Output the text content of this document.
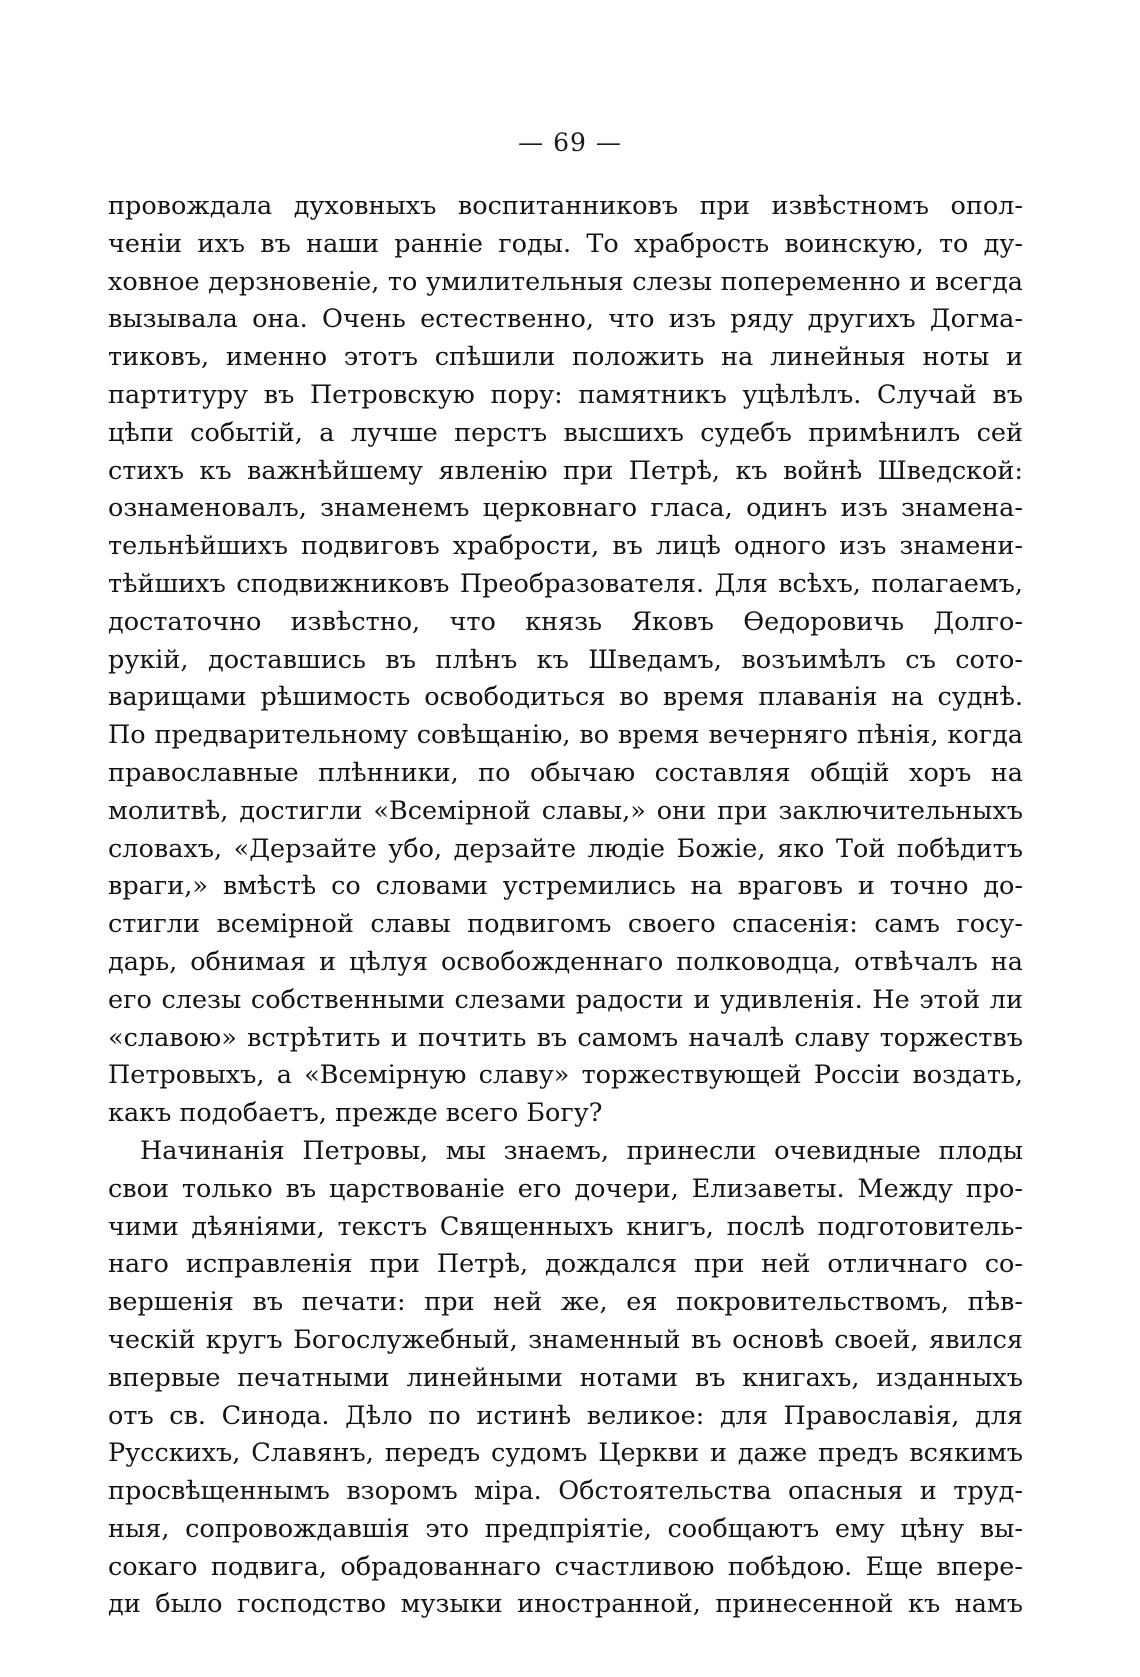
— 69 —
провождала духовныхъ воспитанниковъ при извѣстномъ опол-
ченіи ихъ въ наши ранніе годы. То храбрость воинскую, то ду-
ховное дерзновеніе, то умилительныя слезы попеременно и всегда
вызывала она. Очень естественно, что изъ ряду другихъ Догма-
тиковъ, именно этотъ спѣшили положить на линейныя ноты и
партитуру въ Петровскую пору: памятникъ уцѣлѣлъ. Случай въ
цѣпи событій, а лучше перстъ высшихъ судебъ примѣнилъ сей
стихъ къ важнѣйшему явленію при Петрѣ, къ войнѣ Шведской:
ознаменовалъ, знаменемъ церковнаго гласа, одинъ изъ знамена-
тельнѣйшихъ подвиговъ храбрости, въ лицѣ одного изъ знамени-
тѣйшихъ сподвижниковъ Преобразователя. Для всѣхъ, полагаемъ,
достаточно извѣстно, что князь Яковъ Ѳедоровичь Долго-
рукій, доставшись въ плѣнъ къ Шведамъ, возъимѣлъ съ сото-
варищами рѣшимость освободиться во время плаванія на суднѣ.
По предварительному совѣщанію, во время вечерняго пѣнія, когда
православные плѣнники, по обычаю составляя общій хоръ на
молитвѣ, достигли «Всемірной славы,» они при заключительныхъ
словахъ, «Дерзайте убо, дерзайте людіе Божіе, яко Той побѣдитъ
враги,» вмѣстѣ со словами устремились на враговъ и точно до-
стигли всемірной славы подвигомъ своего спасенія: самъ госу-
дарь, обнимая и цѣлуя освобожденнаго полководца, отвѣчалъ на
его слезы собственными слезами радости и удивленія. Не этой ли
«славою» встрѣтить и почтить въ самомъ началѣ славу торжествъ
Петровыхъ, а «Всемірную славу» торжествующей Россіи воздать,
какъ подобаетъ, прежде всего Богу?
Начинанія Петровы, мы знаемъ, принесли очевидные плоды
свои только въ царствованіе его дочери, Елизаветы. Между про-
чими дѣяніями, текстъ Священныхъ книгъ, послѣ подготовитель-
наго исправленія при Петрѣ, дождался при ней отличнаго со-
вершенія въ печати: при ней же, ея покровительствомъ, пѣв-
ческій кругъ Богослужебный, знаменный въ основѣ своей, явился
впервые печатными линейными нотами въ книгахъ, изданныхъ
отъ св. Синода. Дѣло по истинѣ великое: для Православія, для
Русскихъ, Славянъ, передъ судомъ Церкви и даже предъ всякимъ
просвѣщеннымъ взоромъ міра. Обстоятельства опасныя и труд-
ныя, сопровождавшія это предпріятіе, сообщаютъ ему цѣну вы-
сокаго подвига, обрадованнаго счастливою побѣдою. Еще впере-
ди было господство музыки иностранной, принесенной къ намъ
